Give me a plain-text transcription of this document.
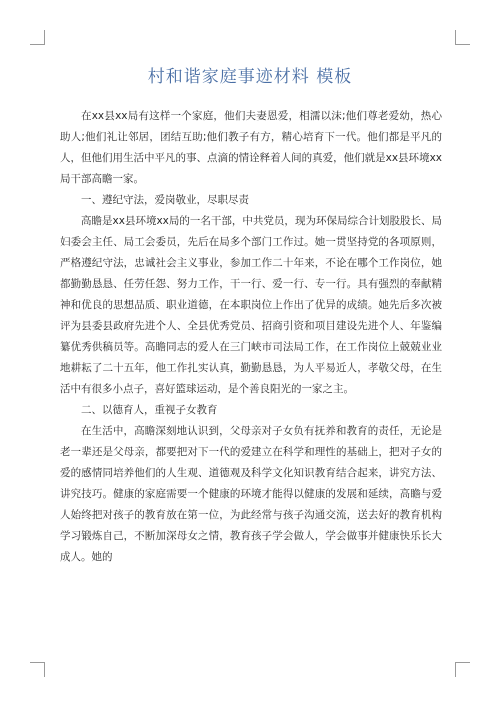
村和谐家庭事迹材料 模板

在xx县xx局有这样一个家庭，他们夫妻恩爱，相濡以沫;他们尊老爱幼，热心助人;他们礼让邻居，团结互助;他们教子有方，精心培育下一代。他们都是平凡的人，但他们用生活中平凡的事、点滴的情诠释着人间的真爱，他们就是xx县环境xx局干部高瞻一家。

一、遵纪守法，爱岗敬业，尽职尽责

高瞻是xx县环境xx局的一名干部，中共党员，现为环保局综合计划股股长、局妇委会主任、局工会委员，先后在局多个部门工作过。她一贯坚持党的各项原则，严格遵纪守法，忠诚社会主义事业，参加工作二十年来，不论在哪个工作岗位，她都勤勤恳恳、任劳任怨、努力工作，干一行、爱一行、专一行。具有强烈的奉献精神和优良的思想品质、职业道德，在本职岗位上作出了优异的成绩。她先后多次被评为县委县政府先进个人、全县优秀党员、招商引资和项目建设先进个人、年鉴编纂优秀供稿员等。高瞻同志的爱人在三门峡市司法局工作，在工作岗位上兢兢业业地耕耘了二十五年，他工作扎实认真，勤勤恳恳，为人平易近人，孝敬父母，在生活中有很多小点子，喜好篮球运动，是个善良阳光的一家之主。

二、以德育人，重视子女教育

在生活中，高瞻深刻地认识到，父母亲对子女负有抚养和教育的责任，无论是老一辈还是父母亲，都要把对下一代的爱建立在科学和理性的基础上，把对子女的爱的感情同培养他们的人生观、道德观及科学文化知识教育结合起来，讲究方法、讲究技巧。健康的家庭需要一个健康的环境才能得以健康的发展和延续，高瞻与爱人始终把对孩子的教育放在第一位，为此经常与孩子沟通交流，送去好的教育机构学习锻炼自己，不断加深母女之情，教育孩子学会做人，学会做事并健康快乐长大成人。她的
